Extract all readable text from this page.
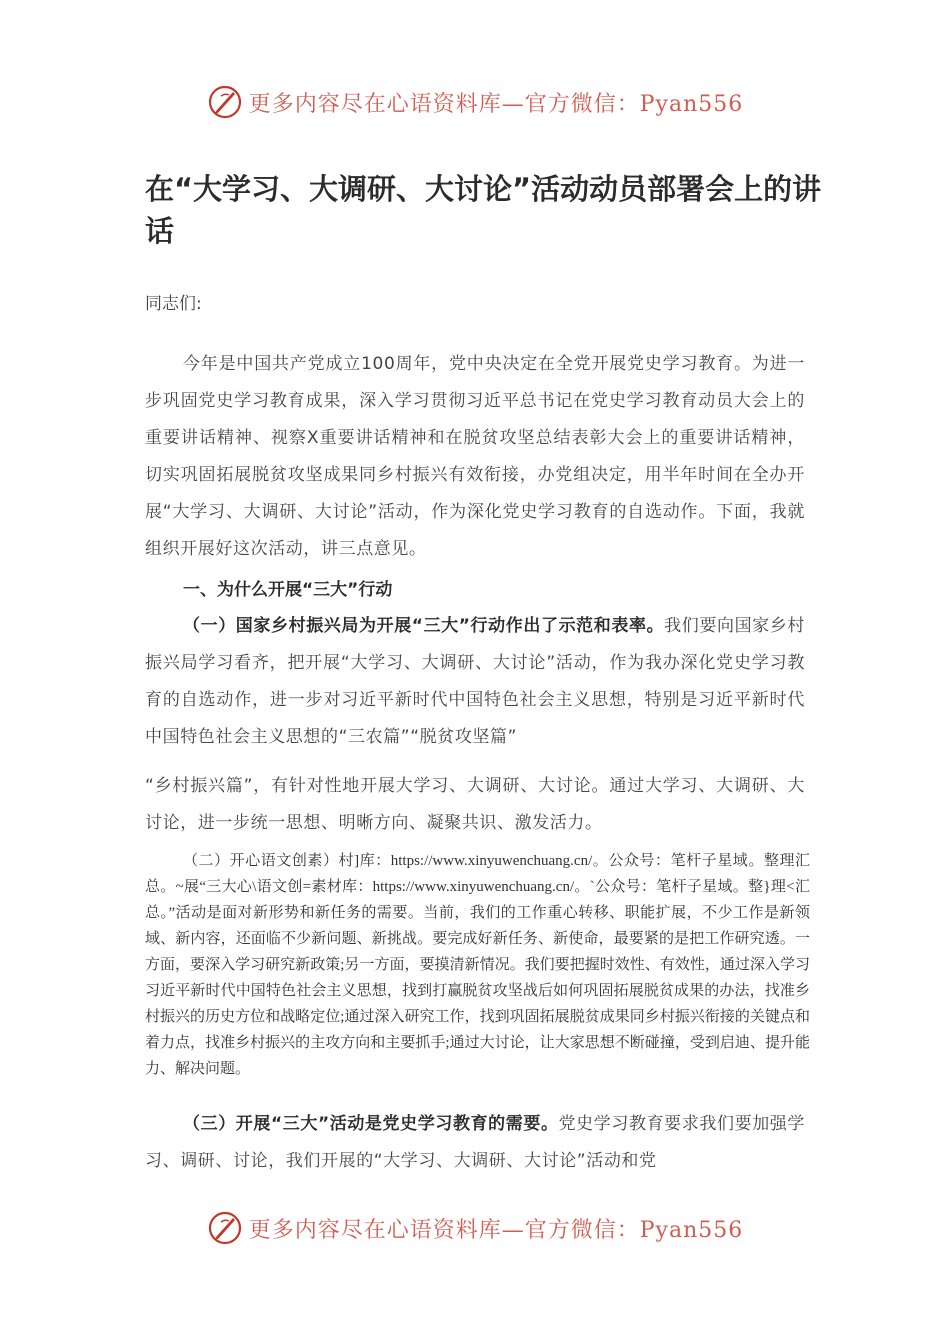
更多内容尽在心语资料库—官方微信：Pyan556
在“大学习、大调研、大讨论”活动动员部署会上的讲话
同志们:
今年是中国共产党成立100周年，党中央决定在全党开展党史学习教育。为进一步巩固党史学习教育成果，深入学习贯彻习近平总书记在党史学习教育动员大会上的重要讲话精神、视察X重要讲话精神和在脱贫攻坚总结表彰大会上的重要讲话精神，切实巩固拓展脱贫攻坚成果同乡村振兴有效衔接，办党组决定，用半年时间在全办开展“大学习、大调研、大讨论”活动，作为深化党史学习教育的自选动作。下面，我就组织开展好这次活动，讲三点意见。
一、为什么开展“三大”行动
（一）国家乡村振兴局为开展“三大”行动作出了示范和表率。我们要向国家乡村振兴局学习看齐，把开展“大学习、大调研、大讨论”活动，作为我办深化党史学习教育的自选动作，进一步对习近平新时代中国特色社会主义思想，特别是习近平新时代中国特色社会主义思想的“三农篇”“脱贫攻坚篇”
“乡村振兴篇”，有针对性地开展大学习、大调研、大讨论。通过大学习、大调研、大讨论，进一步统一思想、明晰方向、凝聚共识、激发活力。
（二）开心语文创素）村]库：https://www.xinyuwenchuang.cn/。公众号：笔杆子星域。整理汇总。~展“三大心\语文创=素材库：https://www.xinyuwenchuang.cn/。`公众号：笔杆子星域。整}理<汇总。”活动是面对新形势和新任务的需要。当前，我们的工作重心转移、职能扩展，不少工作是新领域、新内容，还面临不少新问题、新挑战。要完成好新任务、新使命，最要紧的是把工作研究透。一方面，要深入学习研究新政策;另一方面，要摸清新情况。我们要把握时效性、有效性，通过深入学习习近平新时代中国特色社会主义思想，找到打赢脱贫攻坚战后如何巩固拓展脱贫成果的办法，找准乡村振兴的历史方位和战略定位;通过深入研究工作，找到巩固拓展脱贫成果同乡村振兴衔接的关键点和着力点，找准乡村振兴的主攻方向和主要抓手;通过大讨论，让大家思想不断碰撞，受到启迪、提升能力、解决问题。
（三）开展“三大”活动是党史学习教育的需要。党史学习教育要求我们要加强学习、调研、讨论，我们开展的“大学习、大调研、大讨论”活动和党
更多内容尽在心语资料库—官方微信：Pyan556
